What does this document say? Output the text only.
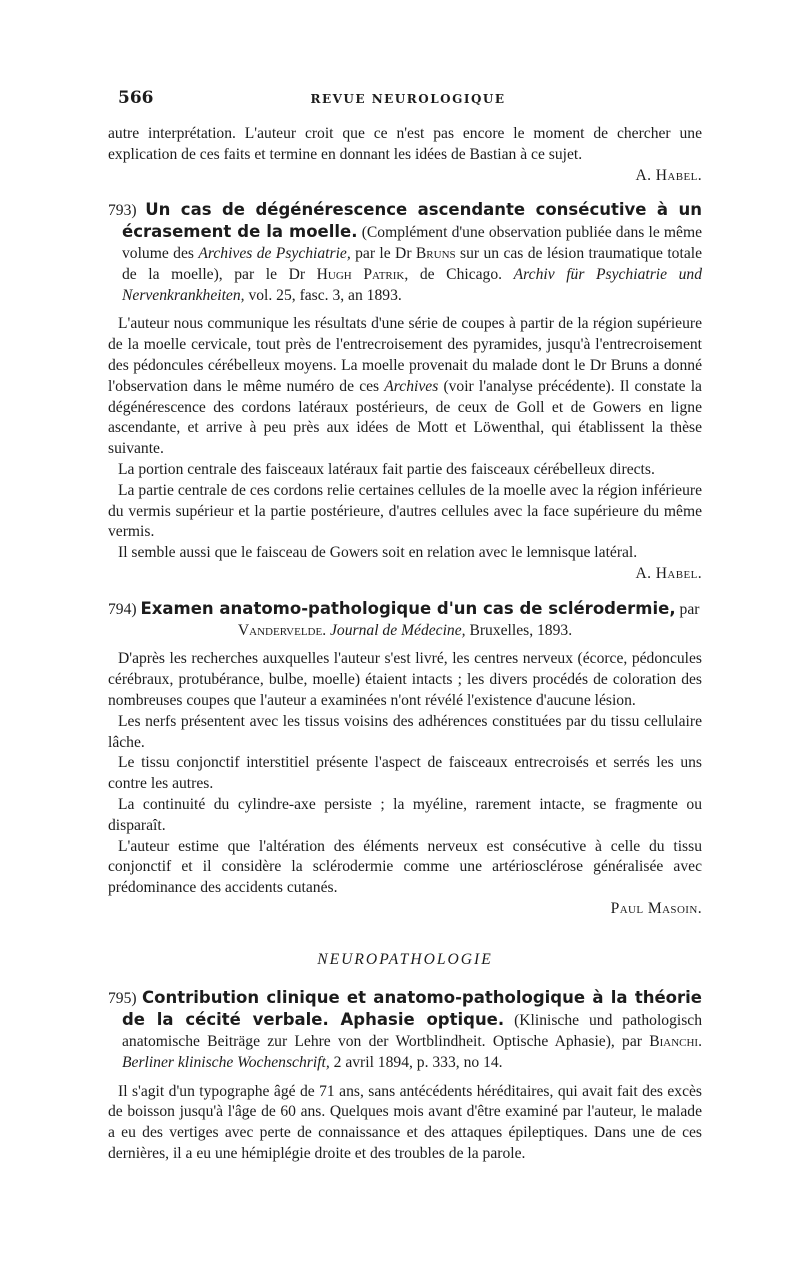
566	REVUE NEUROLOGIQUE

autre interprétation. L'auteur croit que ce n'est pas encore le moment de chercher une explication de ces faits et termine en donnant les idées de Bastian à ce sujet.

A. Habel.

793) Un cas de dégénérescence ascendante consécutive à un écrasement de la moelle. (Complément d'une observation publiée dans le même volume des Archives de Psychiatrie, par le Dr Bruns sur un cas de lésion traumatique totale de la moelle), par le Dr Hugh Patrik, de Chicago. Archiv für Psychiatrie und Nervenkrankheiten, vol. 25, fasc. 3, an 1893.

L'auteur nous communique les résultats d'une série de coupes à partir de la région supérieure de la moelle cervicale, tout près de l'entrecroisement des pyramides, jusqu'à l'entrecroisement des pédoncules cérébelleux moyens. La moelle provenait du malade dont le Dr Bruns a donné l'observation dans le même numéro de ces Archives (voir l'analyse précédente). Il constate la dégénérescence des cordons latéraux postérieurs, de ceux de Goll et de Gowers en ligne ascendante, et arrive à peu près aux idées de Mott et Löwenthal, qui établissent la thèse suivante.

La portion centrale des faisceaux latéraux fait partie des faisceaux cérébelleux directs.

La partie centrale de ces cordons relie certaines cellules de la moelle avec la région inférieure du vermis supérieur et la partie postérieure, d'autres cellules avec la face supérieure du même vermis.

Il semble aussi que le faisceau de Gowers soit en relation avec le lemnisque latéral.

A. Habel.

794) Examen anatomo-pathologique d'un cas de sclérodermie, par
Vandervelde. Journal de Médecine, Bruxelles, 1893.

D'après les recherches auxquelles l'auteur s'est livré, les centres nerveux (écorce, pédoncules cérébraux, protubérance, bulbe, moelle) étaient intacts ; les divers procédés de coloration des nombreuses coupes que l'auteur a examinées n'ont révélé l'existence d'aucune lésion.

Les nerfs présentent avec les tissus voisins des adhérences constituées par du tissu cellulaire lâche.

Le tissu conjonctif interstitiel présente l'aspect de faisceaux entrecroisés et serrés les uns contre les autres.

La continuité du cylindre-axe persiste ; la myéline, rarement intacte, se fragmente ou disparaît.

L'auteur estime que l'altération des éléments nerveux est consécutive à celle du tissu conjonctif et il considère la sclérodermie comme une artériosclérose généralisée avec prédominance des accidents cutanés.

Paul Masoin.

NEUROPATHOLOGIE

795) Contribution clinique et anatomo-pathologique à la théorie de la cécité verbale. Aphasie optique. (Klinische und pathologisch anatomische Beiträge zur Lehre von der Wortblindheit. Optische Aphasie), par Bianchi. Berliner klinische Wochenschrift, 2 avril 1894, p. 333, no 14.

Il s'agit d'un typographe âgé de 71 ans, sans antécédents héréditaires, qui avait fait des excès de boisson jusqu'à l'âge de 60 ans. Quelques mois avant d'être examiné par l'auteur, le malade a eu des vertiges avec perte de connaissance et des attaques épileptiques. Dans une de ces dernières, il a eu une hémiplégie droite et des troubles de la parole.
